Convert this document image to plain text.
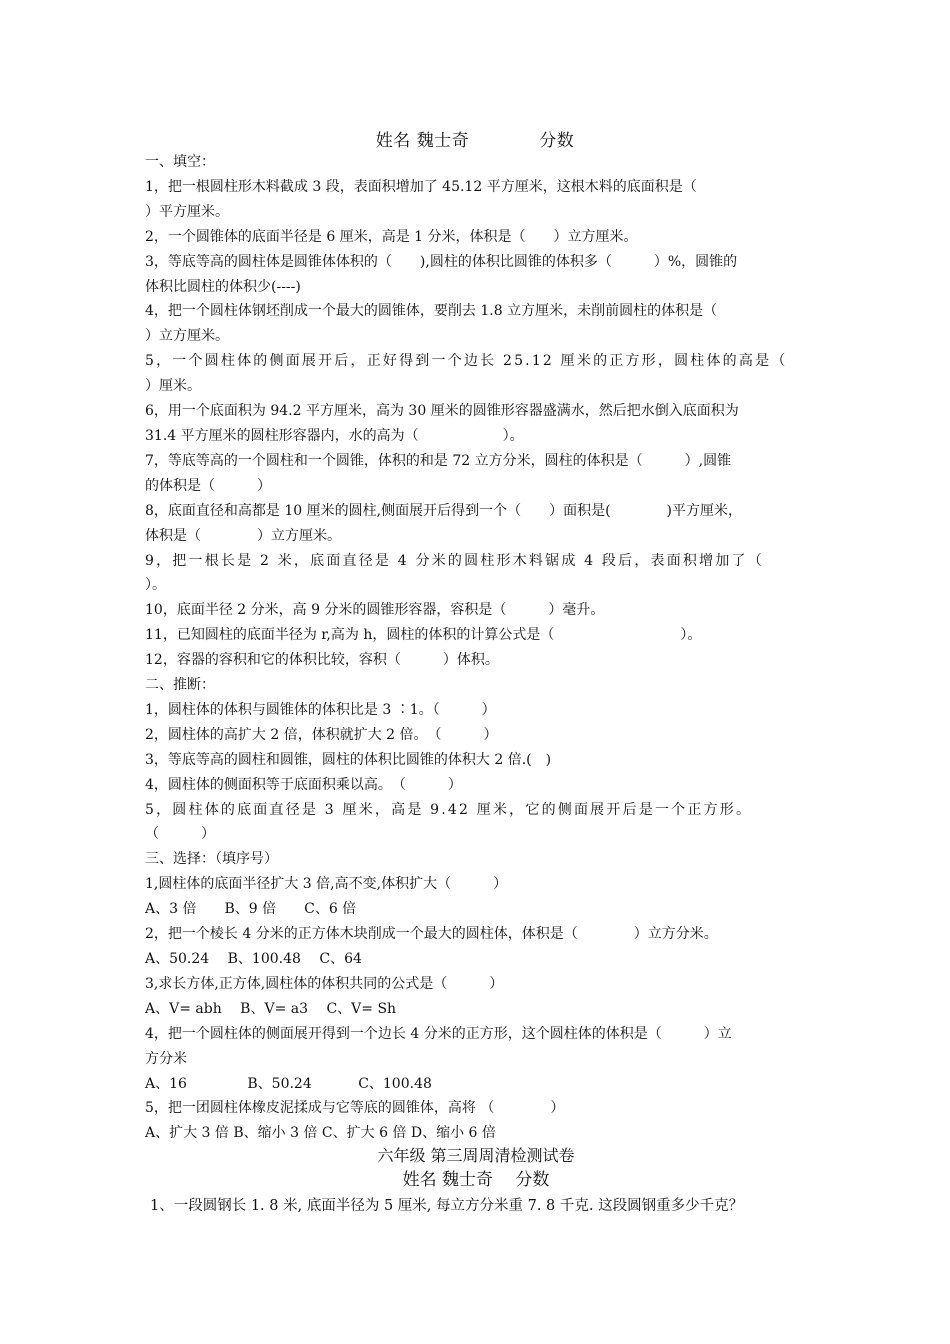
姓名 魏士奇	分数

一、填空：

1，把一根圆柱形木料截成 3 段，表面积增加了 45.12 平方厘米，这根木料的底面积是（

）平方厘米。

2，一个圆锥体的底面半径是 6 厘米，高是 1 分米，体积是（　　）立方厘米。

3，等底等高的圆柱体是圆锥体体积的（　　),圆柱的体积比圆锥的体积多（　　　）%，圆锥的

体积比圆柱的体积少(----)

4，把一个圆柱体钢坯削成一个最大的圆锥体，要削去 1.8 立方厘米，未削前圆柱的体积是（

）立方厘米。

5，一个圆柱体的侧面展开后，正好得到一个边长 25.12 厘米的正方形，圆柱体的高是（

）厘米。

6，用一个底面积为 94.2 平方厘米，高为 30 厘米的圆锥形容器盛满水，然后把水倒入底面积为

31.4 平方厘米的圆柱形容器内，水的高为（　　　　　　）。

7，等底等高的一个圆柱和一个圆锥，体积的和是 72 立方分米，圆柱的体积是（　　　）,圆锥

的体积是（　　　）

8，底面直径和高都是 10 厘米的圆柱,侧面展开后得到一个（　　）面积是(　　　　)平方厘米，

体积是（　　　　）立方厘米。

9，把一根长是 2 米，底面直径是 4 分米的圆柱形木料锯成 4 段后，表面积增加了（

）。

10，底面半径 2 分米，高 9 分米的圆锥形容器，容积是（　　　）毫升。

11，已知圆柱的底面半径为 r,高为 h，圆柱的体积的计算公式是（　　　　　　　　　）。

12，容器的容积和它的体积比较，容积（　　　）体积。

二、推断：

1，圆柱体的体积与圆锥体的体积比是 3 ∶1。（　　　）

2，圆柱体的高扩大 2 倍，体积就扩大 2 倍。　（　　　）

3，等底等高的圆柱和圆锥，圆柱的体积比圆锥的体积大 2 倍.(　)

4，圆柱体的侧面积等于底面积乘以高。　（　　　）

5，圆柱体的底面直径是 3 厘米，高是 9.42 厘米，它的侧面展开后是一个正方形。

（　　　）

三、选择：（填序号）

1,圆柱体的底面半径扩大 3 倍,高不变,体积扩大（　　　）

A、3 倍　　B、9 倍　　C、6 倍

2，把一个棱长 4 分米的正方体木块削成一个最大的圆柱体，体积是（　　　　）立方分米。

A、50.24　 B、100.48　 C、64

3,求长方体,正方体,圆柱体的体积共同的公式是（　　　）

A、V= abh　 B、V= a3　 C、V= Sh

4，把一个圆柱体的侧面展开得到一个边长 4 分米的正方形，这个圆柱体的体积是（　　　）立

方分米

A、16　　　　 B、50.24　　　 C、100.48

5，把一团圆柱体橡皮泥揉成与它等底的圆锥体，高将 （　　　　）

A、扩大 3 倍 B、缩小 3 倍 C、扩大 6 倍 D、缩小 6 倍

六年级 第三周周清检测试卷
姓名 魏士奇　 分数
1、一段圆钢长 1. 8 米, 底面半径为 5 厘米, 每立方分米重 7. 8 千克. 这段圆钢重多少千克？
